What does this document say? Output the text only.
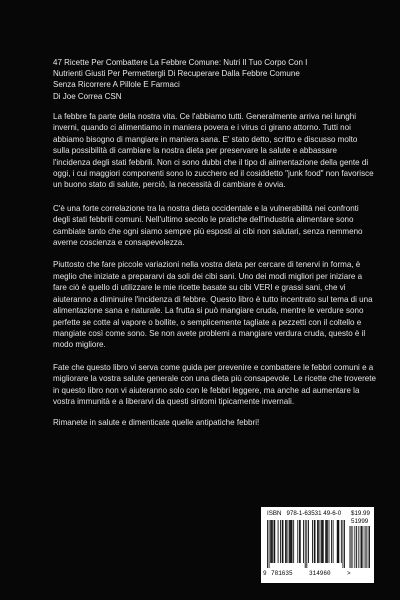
47 Ricette Per Combattere La Febbre Comune: Nutri Il Tuo Corpo Con I
Nutrienti Giusti Per Permettergli Di Recuperare Dalla Febbre Comune
Senza Ricorrere A Pillole E Farmaci
Di Joe Correa CSN

La febbre fa parte della nostra vita. Ce l'abbiamo tutti. Generalmente arriva nei lunghi inverni, quando ci alimentiamo in maniera povera e i virus ci girano attorno. Tutti noi abbiamo bisogno di mangiare in maniera sana. E' stato detto, scritto e discusso molto sulla possibilità di cambiare la nostra dieta per preservare la salute e abbassare l'incidenza degli stati febbrili. Non ci sono dubbi che il tipo di alimentazione della gente di oggi, i cui maggiori componenti sono lo zucchero ed il cosiddetto "junk food" non favorisce un buono stato di salute, perciò, la necessità di cambiare è ovvia.

C'è una forte correlazione tra la nostra dieta occidentale e la vulnerabilità nei confronti degli stati febbrili comuni. Nell'ultimo secolo le pratiche dell'industria alimentare sono cambiate tanto che ogni siamo sempre più esposti ai cibi non salutari, senza nemmeno averne coscienza e consapevolezza.

Piuttosto che fare piccole variazioni nella vostra dieta per cercare di tenervi in forma, è meglio che iniziate a prepararvi da soli dei cibi sani. Uno dei modi migliori per iniziare a fare ciò è quello di utilizzare le mie ricette basate su cibi VERI e grassi sani, che vi aiuteranno a diminuire l'incidenza di febbre. Questo libro è tutto incentrato sul tema di una alimentazione sana e naturale. La frutta si può mangiare cruda, mentre le verdure sono perfette se cotte al vapore o bollite, o semplicemente tagliate a pezzetti con il coltello e mangiate così come sono. Se non avete problemi a mangiare verdura cruda, questo è il modo migliore.

Fate che questo libro vi serva come guida per prevenire e combattere le febbri comuni e a migliorare la vostra salute generale con una dieta più consapevole. Le ricette che troverete in questo libro non vi aiuteranno solo con le febbri leggere, ma anche ad aumentare la vostra immunità e a liberarvi da questi sintomi tipicamente invernali.

Rimanete in salute e dimenticate quelle antipatiche febbri!

ISBN 978-1-63531 49-6-0 $19.99
51999
9 781635	314960	>
